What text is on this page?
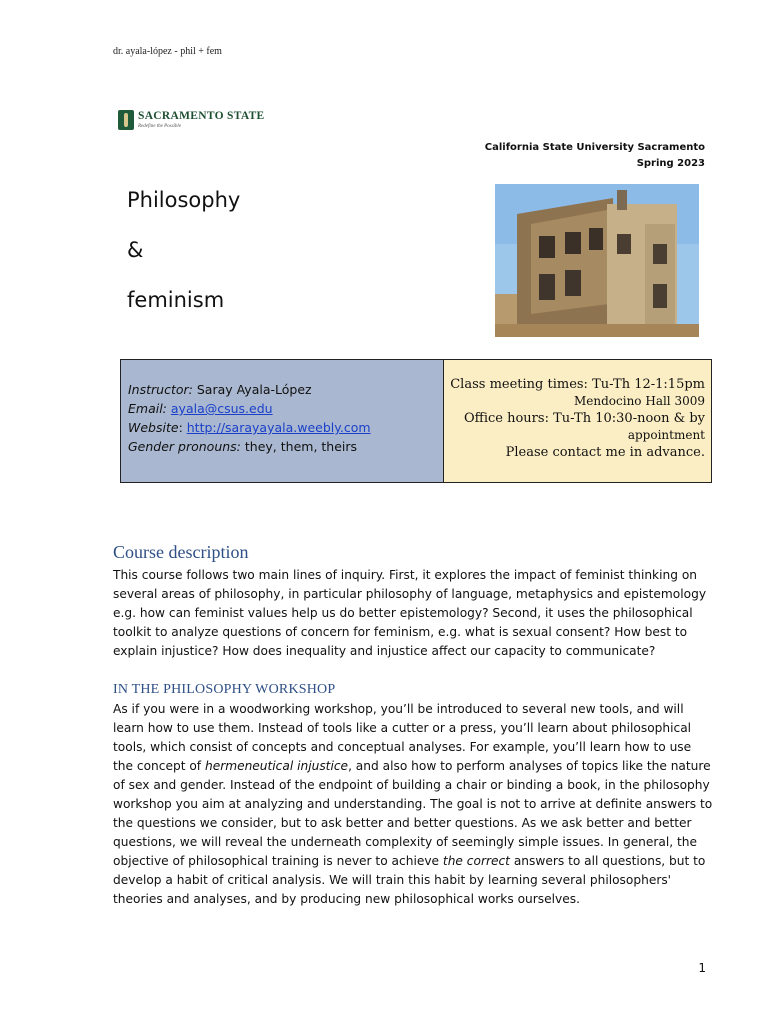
dr. ayala-lópez - phil + fem
SACRAMENTO STATE
Redefine the Possible
California State University Sacramento
Spring 2023
Philosophy
&
feminism
Instructor: Saray Ayala-López
Email: ayala@csus.edu
Website: http://sarayayala.weebly.com
Gender pronouns: they, them, theirs
Class meeting times: Tu-Th 12-1:15pm
Mendocino Hall 3009
Office hours: Tu-Th 10:30-noon & by
appointment
Please contact me in advance.
Course description
This course follows two main lines of inquiry. First, it explores the impact of feminist thinking on several areas of philosophy, in particular philosophy of language, metaphysics and epistemology e.g. how can feminist values help us do better epistemology? Second, it uses the philosophical toolkit to analyze questions of concern for feminism, e.g. what is sexual consent? How best to explain injustice? How does inequality and injustice affect our capacity to communicate?
IN THE PHILOSOPHY WORKSHOP
As if you were in a woodworking workshop, you’ll be introduced to several new tools, and will learn how to use them. Instead of tools like a cutter or a press, you’ll learn about philosophical tools, which consist of concepts and conceptual analyses. For example, you’ll learn how to use the concept of hermeneutical injustice, and also how to perform analyses of topics like the nature of sex and gender. Instead of the endpoint of building a chair or binding a book, in the philosophy workshop you aim at analyzing and understanding. The goal is not to arrive at definite answers to the questions we consider, but to ask better and better questions. As we ask better and better questions, we will reveal the underneath complexity of seemingly simple issues. In general, the objective of philosophical training is never to achieve the correct answers to all questions, but to develop a habit of critical analysis. We will train this habit by learning several philosophers' theories and analyses, and by producing new philosophical works ourselves.
1
